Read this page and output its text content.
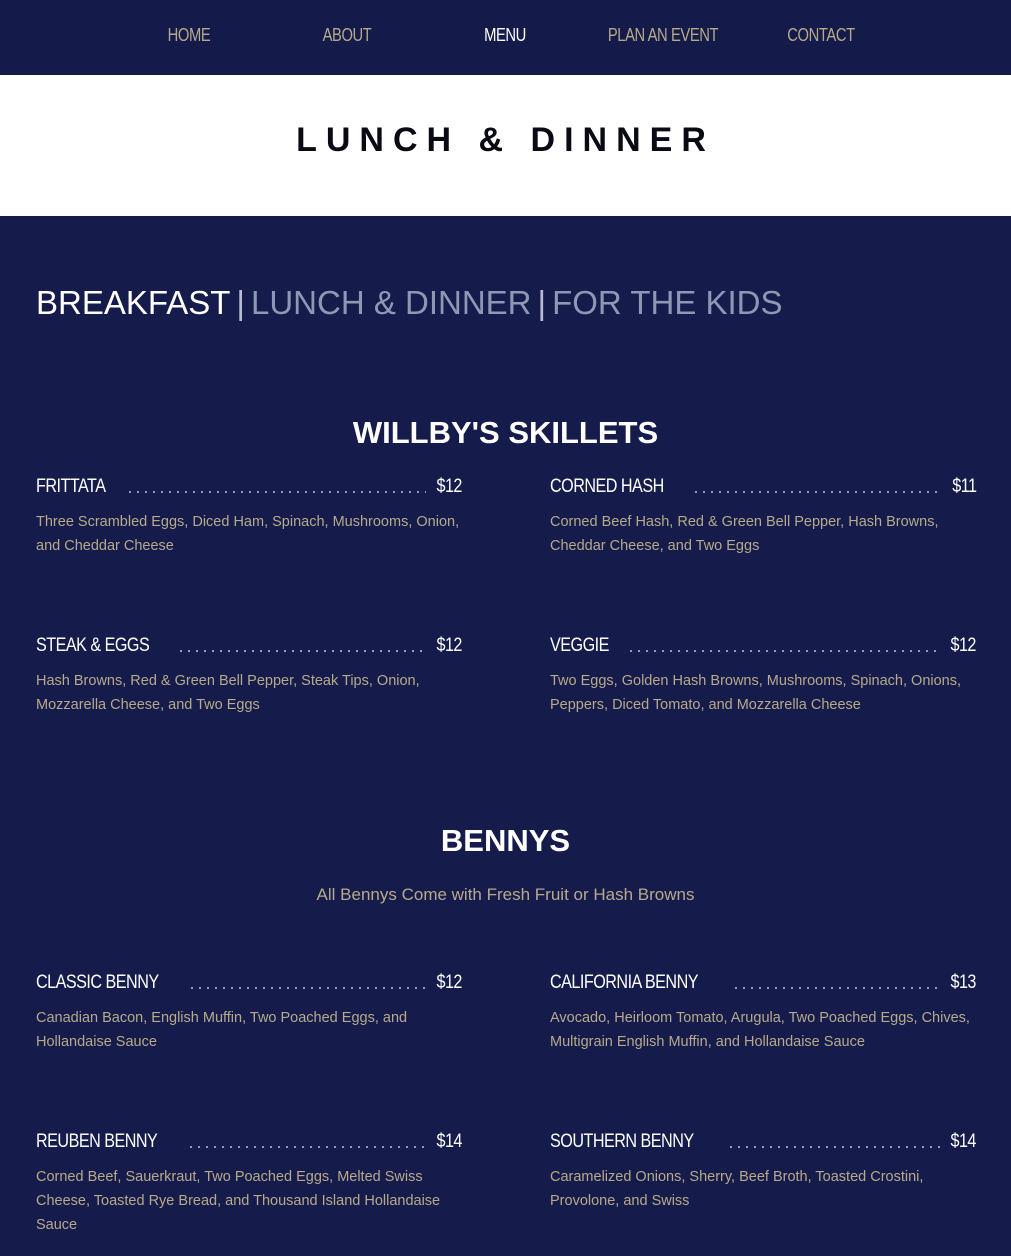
HOME	ABOUT	MENU	PLAN AN EVENT	CONTACT
LUNCH & DINNER
BREAKFAST | LUNCH & DINNER | FOR THE KIDS
WILLBY'S SKILLETS
FRITTATA	$12
Three Scrambled Eggs, Diced Ham, Spinach, Mushrooms, Onion, and Cheddar Cheese
CORNED HASH	$11
Corned Beef Hash, Red & Green Bell Pepper, Hash Browns, Cheddar Cheese, and Two Eggs
STEAK & EGGS	$12
Hash Browns, Red & Green Bell Pepper, Steak Tips, Onion, Mozzarella Cheese, and Two Eggs
VEGGIE	$12
Two Eggs, Golden Hash Browns, Mushrooms, Spinach, Onions, Peppers, Diced Tomato, and Mozzarella Cheese
BENNYS
All Bennys Come with Fresh Fruit or Hash Browns
CLASSIC BENNY	$12
Canadian Bacon, English Muffin, Two Poached Eggs, and Hollandaise Sauce
CALIFORNIA BENNY	$13
Avocado, Heirloom Tomato, Arugula, Two Poached Eggs, Chives, Multigrain English Muffin, and Hollandaise Sauce
REUBEN BENNY	$14
Corned Beef, Sauerkraut, Two Poached Eggs, Melted Swiss Cheese, Toasted Rye Bread, and Thousand Island Hollandaise Sauce
SOUTHERN BENNY	$14
Caramelized Onions, Sherry, Beef Broth, Toasted Crostini, Provolone, and Swiss
